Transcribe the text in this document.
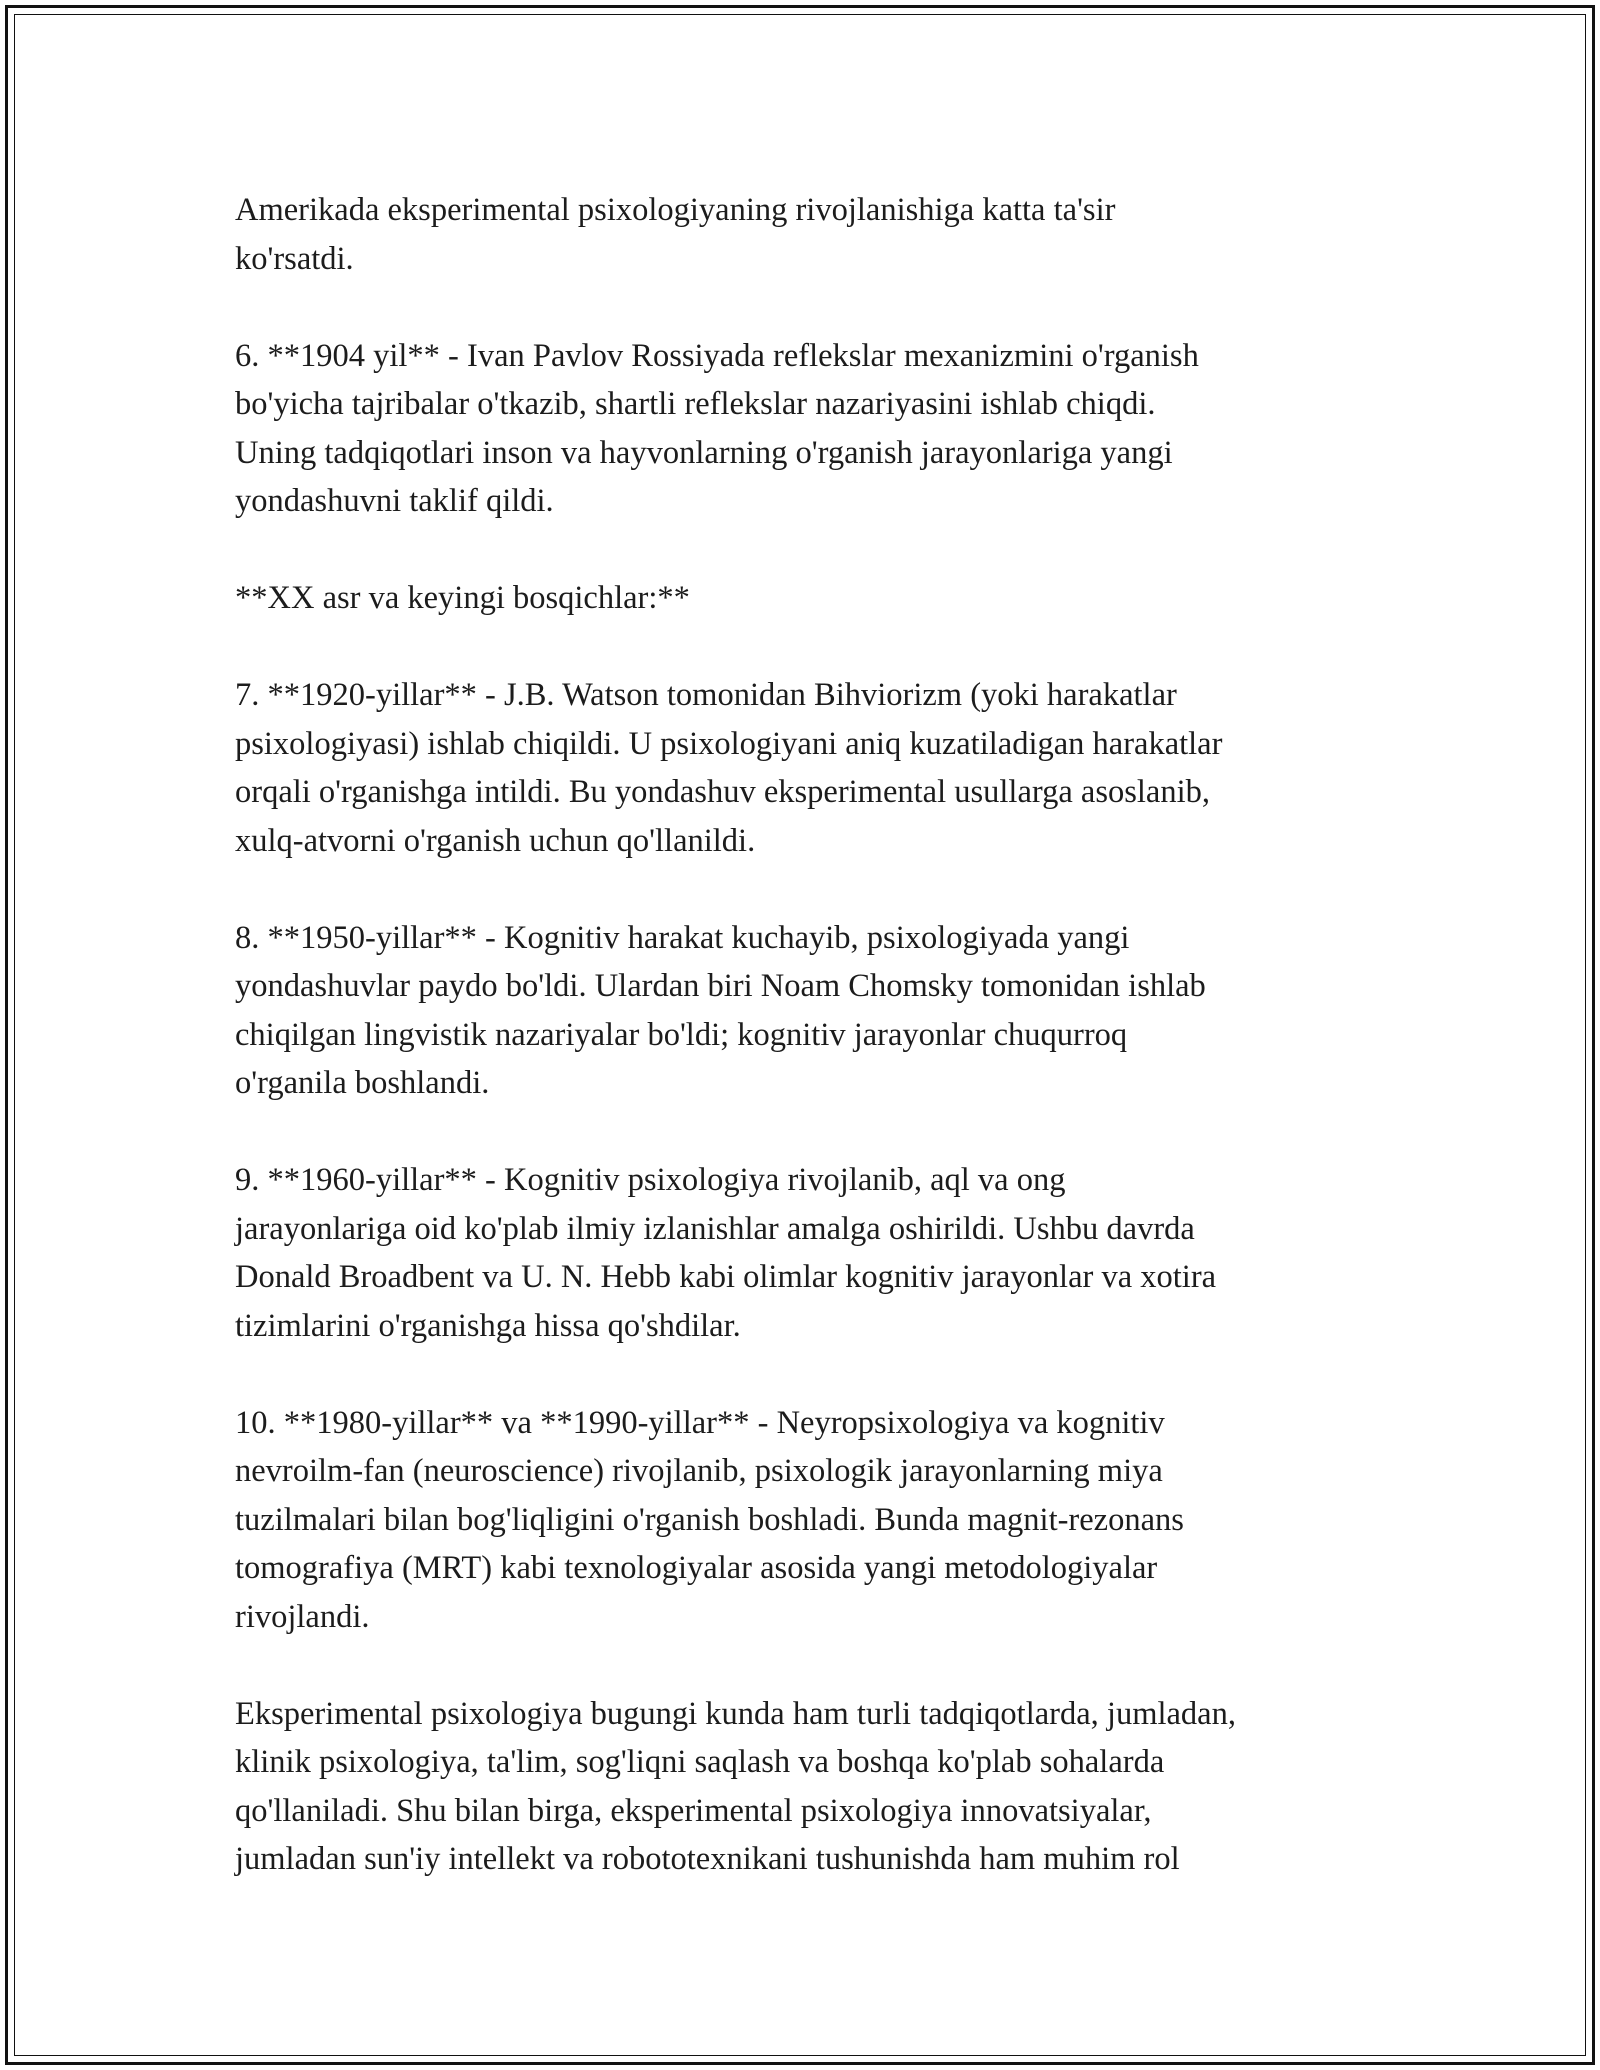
Amerikada eksperimental psixologiyaning rivojlanishiga katta ta'sir
ko'rsatdi.

6. **1904 yil** - Ivan Pavlov Rossiyada reflekslar mexanizmini o'rganish
bo'yicha tajribalar o'tkazib, shartli reflekslar nazariyasini ishlab chiqdi.
Uning tadqiqotlari inson va hayvonlarning o'rganish jarayonlariga yangi
yondashuvni taklif qildi.

**XX asr va keyingi bosqichlar:**

7. **1920-yillar** - J.B. Watson tomonidan Bihviorizm (yoki harakatlar
psixologiyasi) ishlab chiqildi. U psixologiyani aniq kuzatiladigan harakatlar
orqali o'rganishga intildi. Bu yondashuv eksperimental usullarga asoslanib,
xulq-atvorni o'rganish uchun qo'llanildi.

8. **1950-yillar** - Kognitiv harakat kuchayib, psixologiyada yangi
yondashuvlar paydo bo'ldi. Ulardan biri Noam Chomsky tomonidan ishlab
chiqilgan lingvistik nazariyalar bo'ldi; kognitiv jarayonlar chuqurroq
o'rganila boshlandi.

9. **1960-yillar** - Kognitiv psixologiya rivojlanib, aql va ong
jarayonlariga oid ko'plab ilmiy izlanishlar amalga oshirildi. Ushbu davrda
Donald Broadbent va U. N. Hebb kabi olimlar kognitiv jarayonlar va xotira
tizimlarini o'rganishga hissa qo'shdilar.

10. **1980-yillar** va **1990-yillar** - Neyropsixologiya va kognitiv
nevroilm-fan (neuroscience) rivojlanib, psixologik jarayonlarning miya
tuzilmalari bilan bog'liqligini o'rganish boshladi. Bunda magnit-rezonans
tomografiya (MRT) kabi texnologiyalar asosida yangi metodologiyalar
rivojlandi.

Eksperimental psixologiya bugungi kunda ham turli tadqiqotlarda, jumladan,
klinik psixologiya, ta'lim, sog'liqni saqlash va boshqa ko'plab sohalarda
qo'llaniladi. Shu bilan birga, eksperimental psixologiya innovatsiyalar,
jumladan sun'iy intellekt va robototexnikani tushunishda ham muhim rol
